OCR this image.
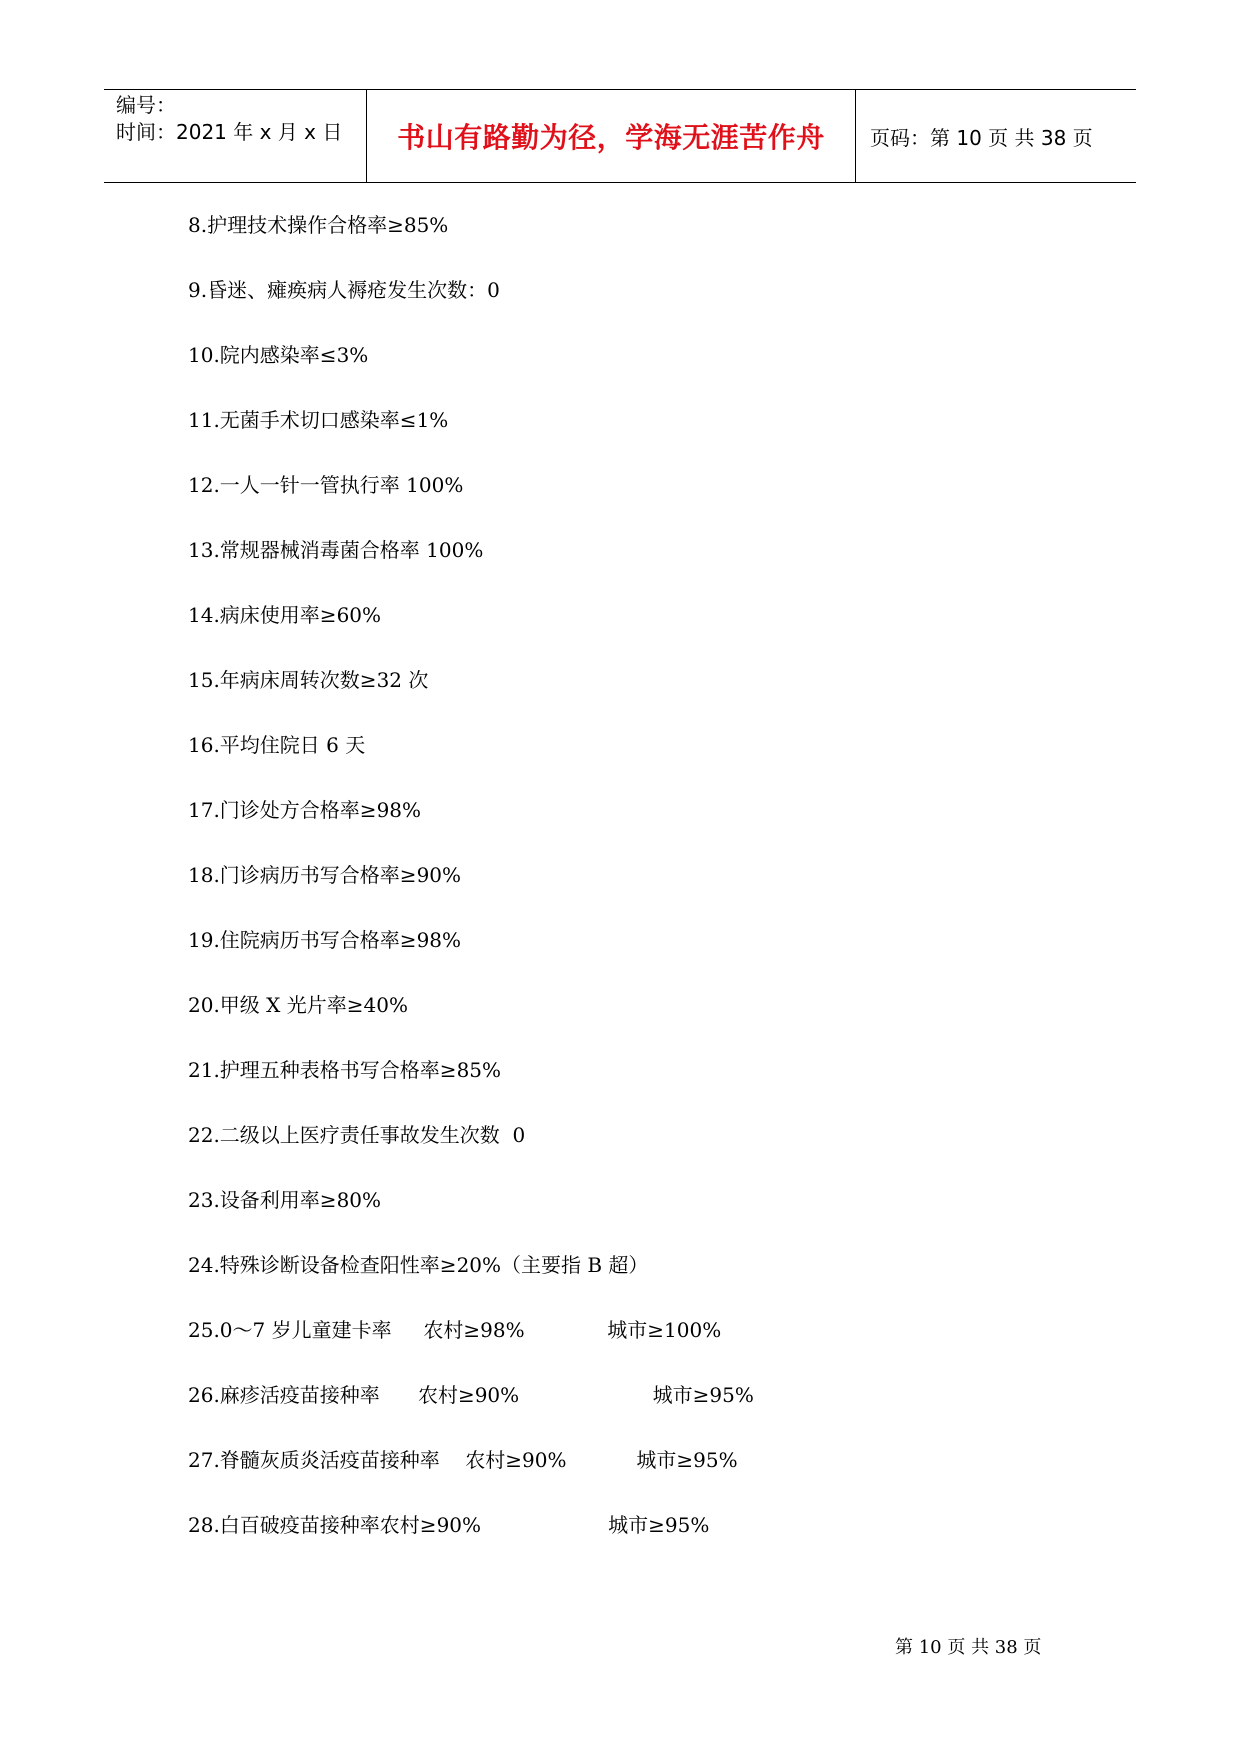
编号：
时间：2021 年 x 月 x 日	书山有路勤为径，学海无涯苦作舟	页码：第 10 页 共 38 页
8.护理技术操作合格率≥85%
9.昏迷、瘫痪病人褥疮发生次数：0
10.院内感染率≤3%
11.无菌手术切口感染率≤1%
12.一人一针一管执行率 100%
13.常规器械消毒菌合格率 100%
14.病床使用率≥60%
15.年病床周转次数≥32 次
16.平均住院日 6 天
17.门诊处方合格率≥98%
18.门诊病历书写合格率≥90%
19.住院病历书写合格率≥98%
20.甲级 X 光片率≥40%
21.护理五种表格书写合格率≥85%
22.二级以上医疗责任事故发生次数  0
23.设备利用率≥80%
24.特殊诊断设备检查阳性率≥20%（主要指 B 超）
25.0～7 岁儿童建卡率     农村≥98%             城市≥100%
26.麻疹活疫苗接种率      农村≥90%                     城市≥95%
27.脊髓灰质炎活疫苗接种率    农村≥90%           城市≥95%
28.白百破疫苗接种率农村≥90%                    城市≥95%
第 10 页 共 38 页
